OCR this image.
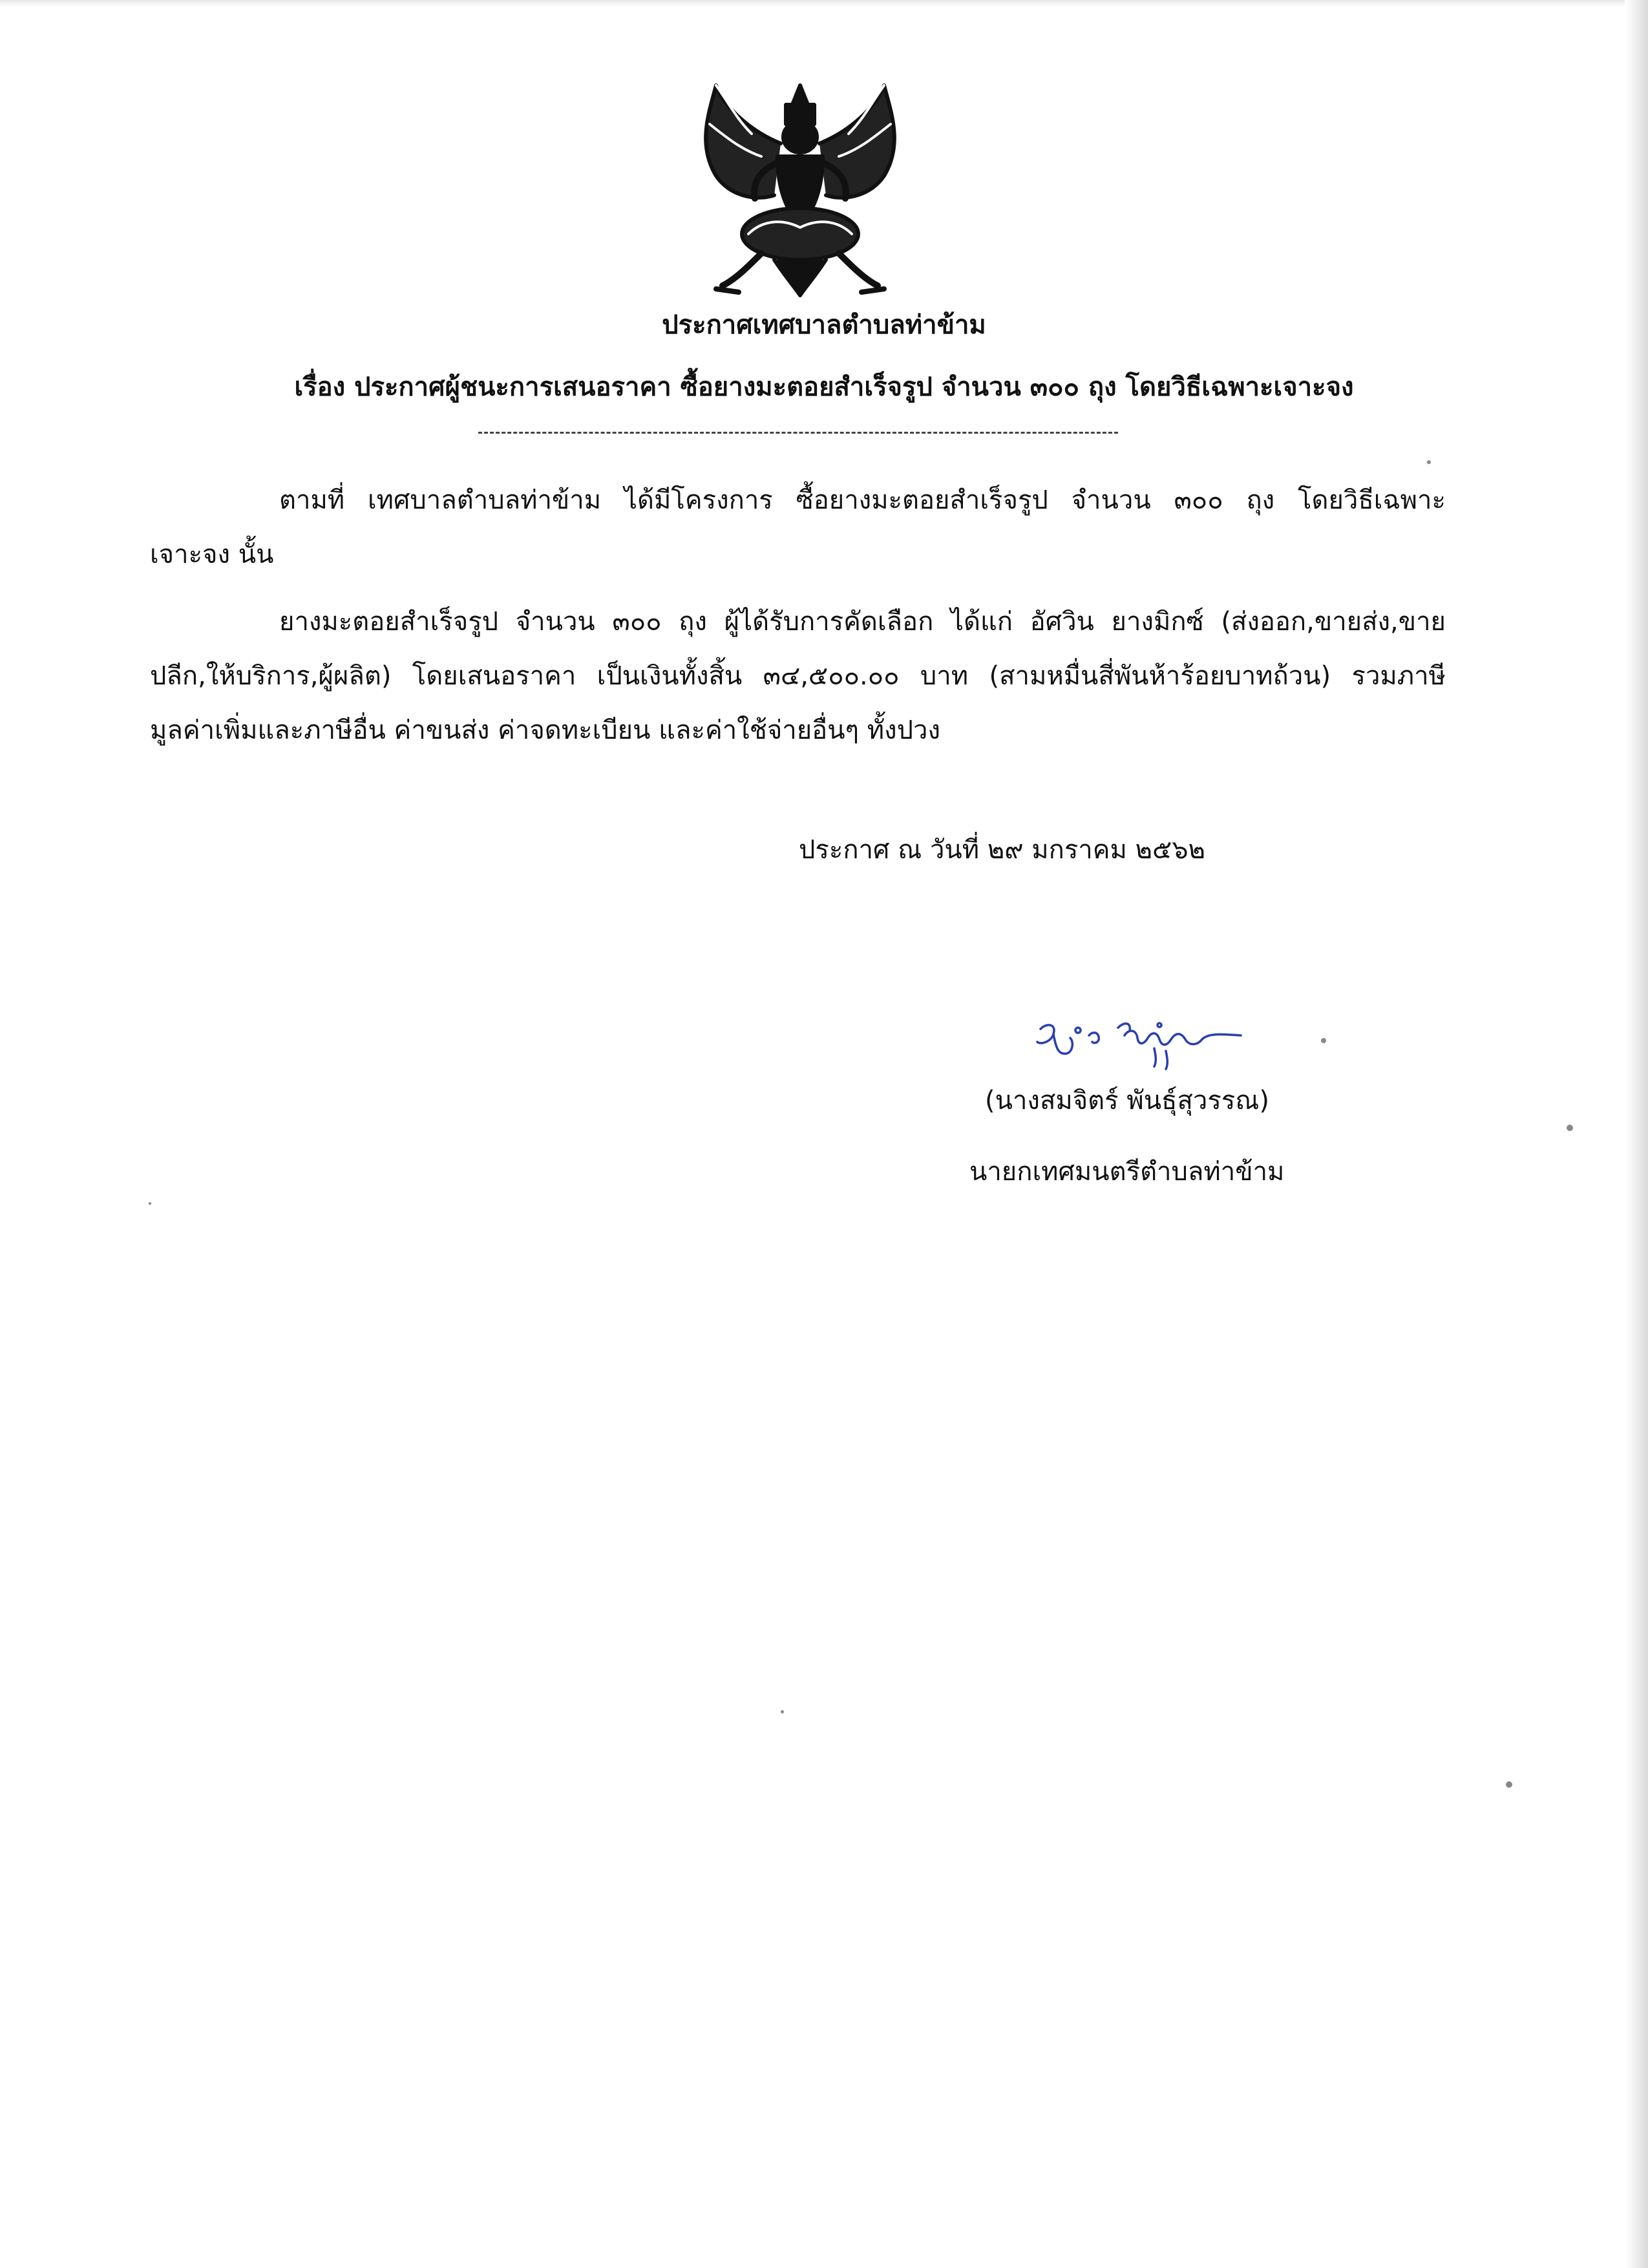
ประกาศเทศบาลตำบลท่าข้าม
เรื่อง ประกาศผู้ชนะการเสนอราคา ซื้อยางมะตอยสำเร็จรูป จำนวน ๓๐๐ ถุง โดยวิธีเฉพาะเจาะจง
ตามที่ เทศบาลตำบลท่าข้าม ได้มีโครงการ ซื้อยางมะตอยสำเร็จรูป จำนวน ๓๐๐ ถุง โดยวิธีเฉพาะ
เจาะจง นั้น
ยางมะตอยสำเร็จรูป จำนวน ๓๐๐ ถุง ผู้ได้รับการคัดเลือก ได้แก่ อัศวิน ยางมิกซ์ (ส่งออก,ขายส่ง,ขาย
ปลีก,ให้บริการ,ผู้ผลิต) โดยเสนอราคา เป็นเงินทั้งสิ้น ๓๔,๕๐๐.๐๐ บาท (สามหมื่นสี่พันห้าร้อยบาทถ้วน) รวมภาษี
มูลค่าเพิ่มและภาษีอื่น ค่าขนส่ง ค่าจดทะเบียน และค่าใช้จ่ายอื่นๆ ทั้งปวง
ประกาศ ณ วันที่ ๒๙ มกราคม ๒๕๖๒
(นางสมจิตร์ พันธุ์สุวรรณ)
นายกเทศมนตรีตำบลท่าข้าม
